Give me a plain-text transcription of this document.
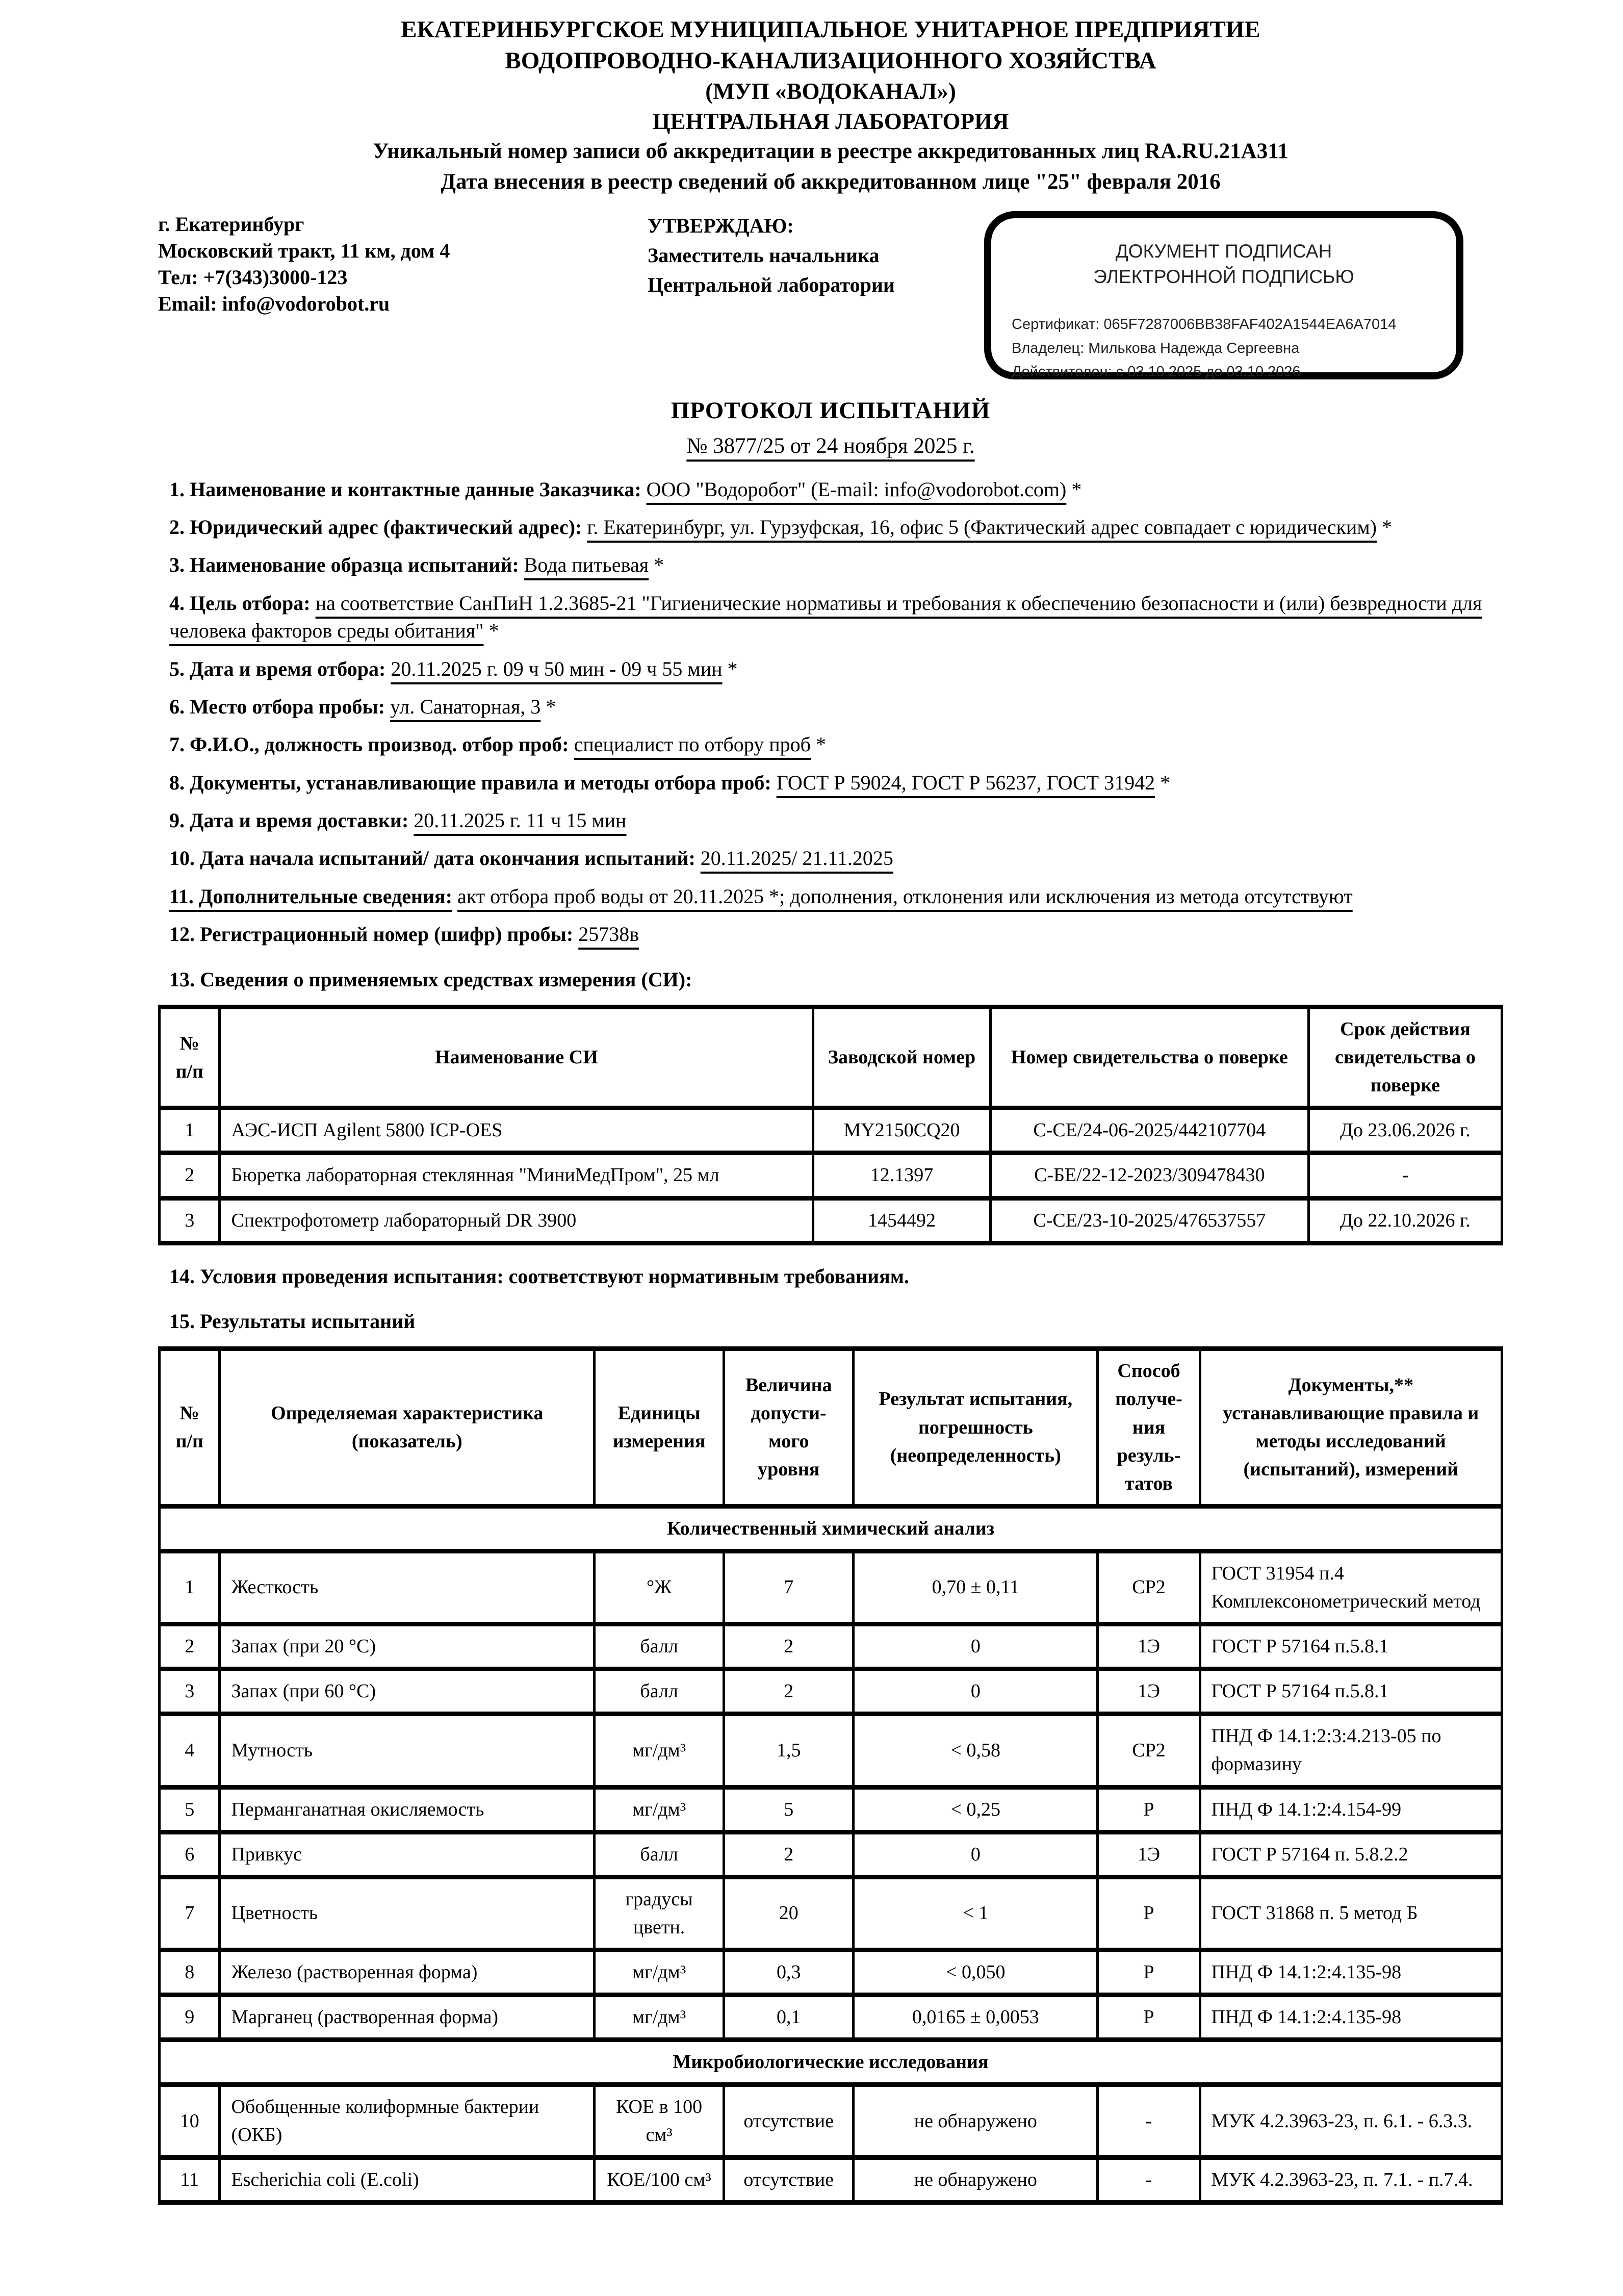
ЕКАТЕРИНБУРГСКОЕ МУНИЦИПАЛЬНОЕ УНИТАРНОЕ ПРЕДПРИЯТИЕ
ВОДОПРОВОДНО-КАНАЛИЗАЦИОННОГО ХОЗЯЙСТВА
(МУП «ВОДОКАНАЛ»)
ЦЕНТРАЛЬНАЯ ЛАБОРАТОРИЯ
Уникальный номер записи об аккредитации в реестре аккредитованных лиц RA.RU.21А311
Дата внесения в реестр сведений об аккредитованном лице "25" февраля 2016
г. Екатеринбург
Московский тракт, 11 км, дом 4
Тел: +7(343)3000-123
Email: info@vodorobot.ru
УТВЕРЖДАЮ:
Заместитель начальника
Центральной лаборатории
ДОКУМЕНТ ПОДПИСАН
ЭЛЕКТРОННОЙ ПОДПИСЬЮ
Сертификат: 065F7287006BB38FAF402A1544EA6A7014
Владелец: Милькова Надежда Сергеевна
Действителен: с 03.10.2025 до 03.10.2026
ПРОТОКОЛ ИСПЫТАНИЙ
№ 3877/25 от 24 ноября 2025 г.
1. Наименование и контактные данные Заказчика: ООО "Водоробот" (E-mail: info@vodorobot.com) *
2. Юридический адрес (фактический адрес): г. Екатеринбург, ул. Гурзуфская, 16, офис 5 (Фактический адрес совпадает с юридическим) *
3. Наименование образца испытаний: Вода питьевая *
4. Цель отбора: на соответствие СанПиН 1.2.3685-21 "Гигиенические нормативы и требования к обеспечению безопасности и (или) безвредности для человека факторов среды обитания" *
5. Дата и время отбора: 20.11.2025 г. 09 ч 50 мин - 09 ч 55 мин *
6. Место отбора пробы: ул. Санаторная, 3 *
7. Ф.И.О., должность производ. отбор проб: специалист по отбору проб *
8. Документы, устанавливающие правила и методы отбора проб: ГОСТ Р 59024, ГОСТ Р 56237, ГОСТ 31942 *
9. Дата и время доставки: 20.11.2025 г. 11 ч 15 мин
10. Дата начала испытаний/ дата окончания испытаний: 20.11.2025/ 21.11.2025
11. Дополнительные сведения: акт отбора проб воды от 20.11.2025 *; дополнения, отклонения или исключения из метода отсутствуют
12. Регистрационный номер (шифр) пробы: 25738в
13. Сведения о применяемых средствах измерения (СИ):
№ п/п	Наименование СИ	Заводской номер	Номер свидетельства о поверке	Срок действия свидетельства о поверке
1	АЭС-ИСП Agilent 5800 ICP-OES	MY2150CQ20	С-СЕ/24-06-2025/442107704	До 23.06.2026 г.
2	Бюретка лабораторная стеклянная "МиниМедПром", 25 мл	12.1397	С-БЕ/22-12-2023/309478430	-
3	Спектрофотометр лабораторный DR 3900	1454492	С-СЕ/23-10-2025/476537557	До 22.10.2026 г.
14. Условия проведения испытания: соответствуют нормативным требованиям.
15. Результаты испытаний
№ п/п	Определяемая характеристика (показатель)	Единицы измерения	Величина допустимого уровня	Результат испытания, погрешность (неопределенность)	Способ получения результатов	Документы,** устанавливающие правила и методы исследований (испытаний), измерений
Количественный химический анализ						
1	Жесткость	°Ж	7	0,70 ± 0,11	СР2	ГОСТ 31954 п.4 Комплексонометрический метод
2	Запах (при 20 °С)	балл	2	0	1Э	ГОСТ Р 57164 п.5.8.1
3	Запах (при 60 °С)	балл	2	0	1Э	ГОСТ Р 57164 п.5.8.1
4	Мутность	мг/дм³	1,5	< 0,58	СР2	ПНД Ф 14.1:2:3:4.213-05 по формазину
5	Перманганатная окисляемость	мг/дм³	5	< 0,25	Р	ПНД Ф 14.1:2:4.154-99
6	Привкус	балл	2	0	1Э	ГОСТ Р 57164 п. 5.8.2.2
7	Цветность	градусы цветн.	20	< 1	Р	ГОСТ 31868 п. 5 метод Б
8	Железо (растворенная форма)	мг/дм³	0,3	< 0,050	Р	ПНД Ф 14.1:2:4.135-98
9	Марганец (растворенная форма)	мг/дм³	0,1	0,0165 ± 0,0053	Р	ПНД Ф 14.1:2:4.135-98
Микробиологические исследования						
10	Обобщенные колиформные бактерии (ОКБ)	КОЕ в 100 см³	отсутствие	не обнаружено	-	МУК 4.2.3963-23, п. 6.1. - 6.3.3.
11	Escherichia coli (E.coli)	КОЕ/100 см³	отсутствие	не обнаружено	-	МУК 4.2.3963-23, п. 7.1. - п.7.4.
